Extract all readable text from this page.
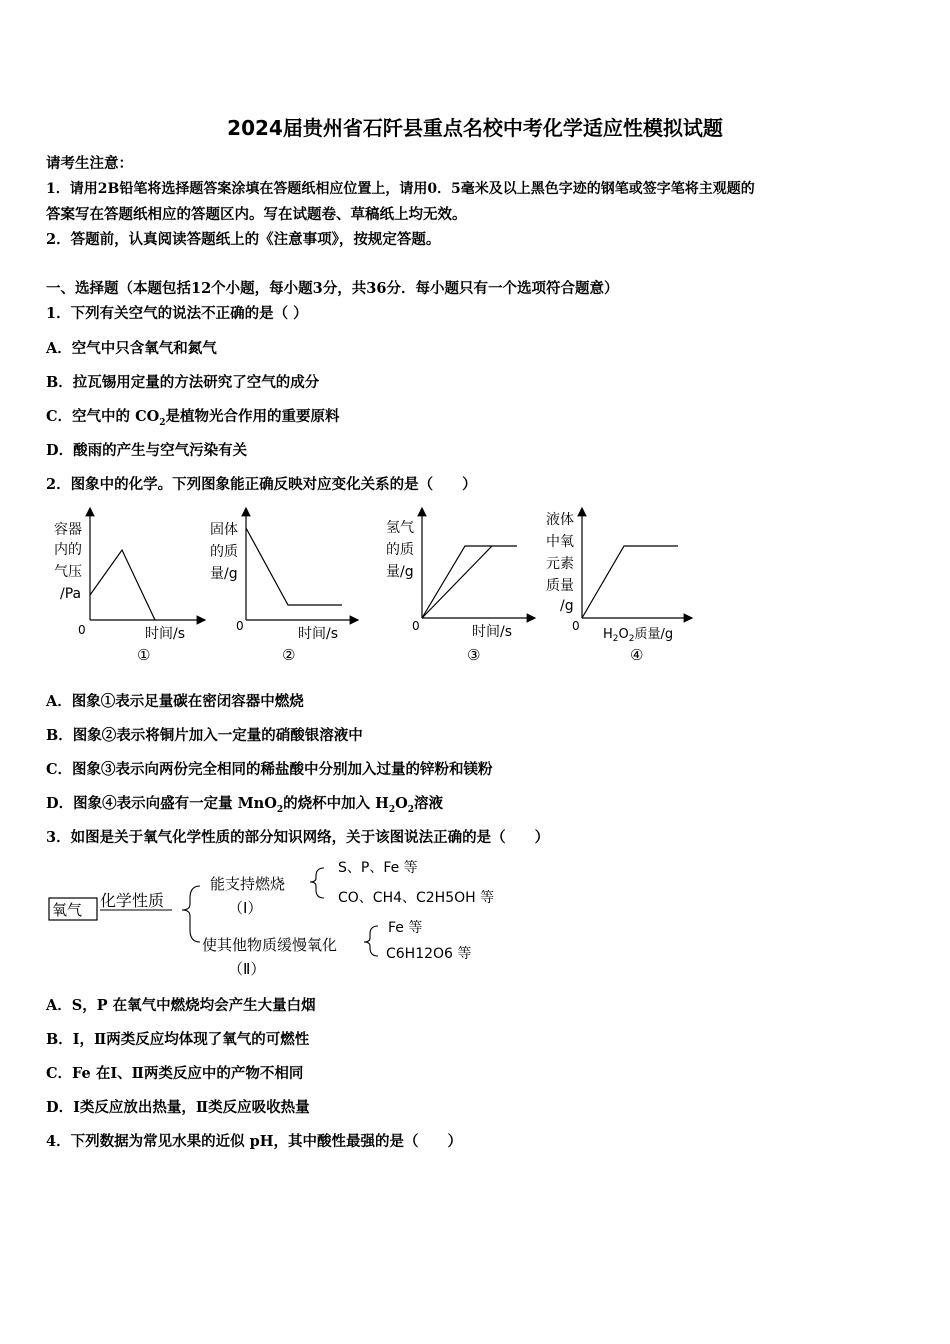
2024届贵州省石阡县重点名校中考化学适应性模拟试题
请考生注意：
1．请用2B铅笔将选择题答案涂填在答题纸相应位置上，请用0．5毫米及以上黑色字迹的钢笔或签字笔将主观题的
答案写在答题纸相应的答题区内。写在试题卷、草稿纸上均无效。
2．答题前，认真阅读答题纸上的《注意事项》，按规定答题。
一、选择题（本题包括12个小题，每小题3分，共36分．每小题只有一个选项符合题意）
1．下列有关空气的说法不正确的是（ ）
A．空气中只含氧气和氮气
B．拉瓦锡用定量的方法研究了空气的成分
C．空气中的 $CO_2$是植物光合作用的重要原料
D．酸雨的产生与空气污染有关
2．图象中的化学。下列图象能正确反映对应变化关系的是（　　）
容器
内的
气压
/Pa
0	时间/s
①
固体
的质
量/g
0	时间/s
②
氢气
的质
量/g
0	时间/s
③
液体
中氧
元素
质量
/g
0
$H_2O_2$质量/g
④
A．图象①表示足量碳在密闭容器中燃烧
B．图象②表示将铜片加入一定量的硝酸银溶液中
C．图象③表示向两份完全相同的稀盐酸中分别加入过量的锌粉和镁粉
D．图象④表示向盛有一定量 MnO$_2$的烧杯中加入 $H_2O_2$溶液
3．如图是关于氧气化学性质的部分知识网络，关于该图说法正确的是（　　）
氧气 化学性质
能支持燃烧
（Ⅰ）
S、P、Fe 等
CO、CH4、C2H5OH 等
使其他物质缓慢氧化
（Ⅱ）
Fe 等
C6H12O6 等
A．S，P 在氧气中燃烧均会产生大量白烟
B．Ⅰ，Ⅱ两类反应均体现了氧气的可燃性
C．Fe 在Ⅰ、Ⅱ两类反应中的产物不相同
D．Ⅰ类反应放出热量，Ⅱ类反应吸收热量
4．下列数据为常见水果的近似 pH，其中酸性最强的是（　　）
